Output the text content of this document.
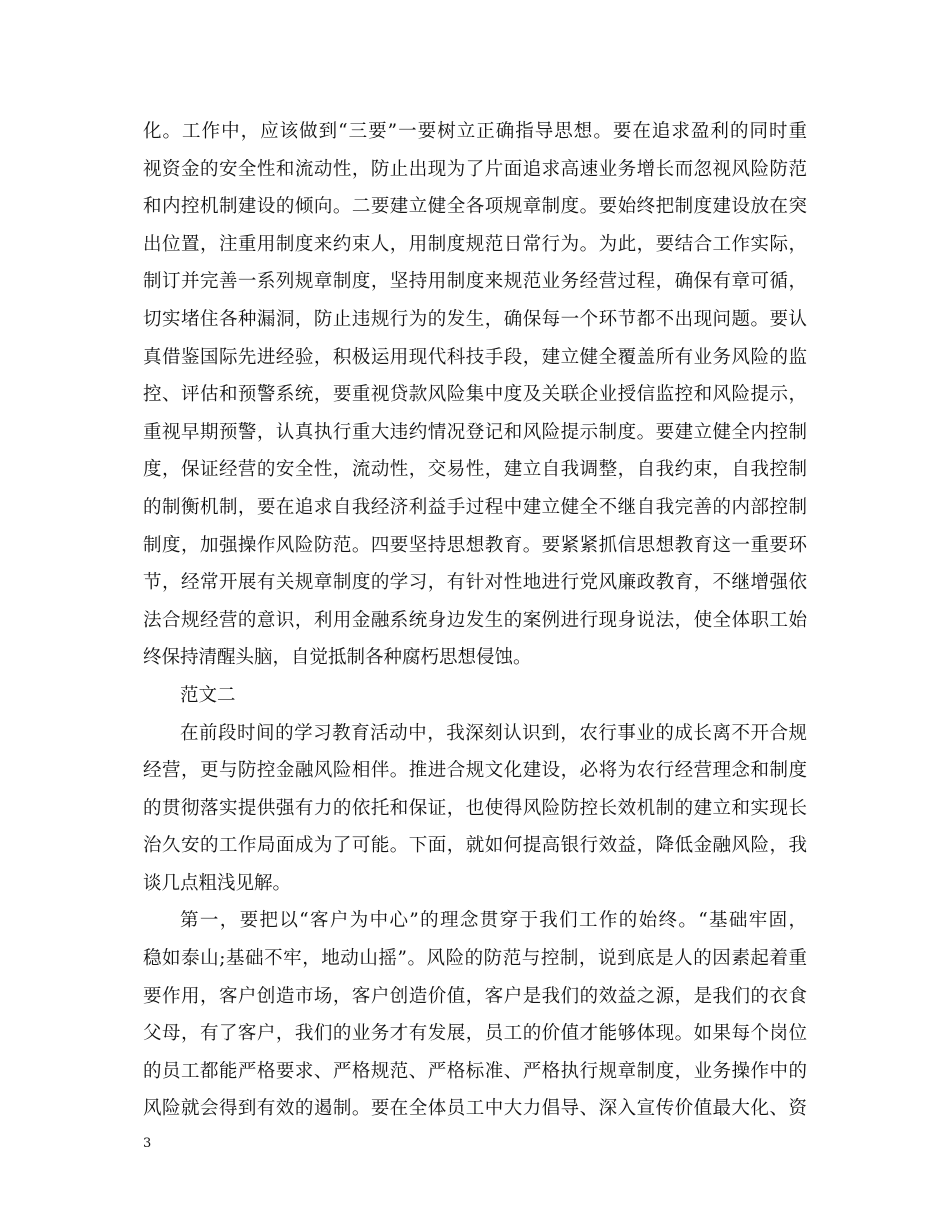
化。工作中，应该做到“三要”一要树立正确指导思想。要在追求盈利的同时重
视资金的安全性和流动性，防止出现为了片面追求高速业务增长而忽视风险防范
和内控机制建设的倾向。二要建立健全各项规章制度。要始终把制度建设放在突
出位置，注重用制度来约束人，用制度规范日常行为。为此，要结合工作实际，
制订并完善一系列规章制度，坚持用制度来规范业务经营过程，确保有章可循，
切实堵住各种漏洞，防止违规行为的发生，确保每一个环节都不出现问题。要认
真借鉴国际先进经验，积极运用现代科技手段，建立健全覆盖所有业务风险的监
控、评估和预警系统，要重视贷款风险集中度及关联企业授信监控和风险提示，
重视早期预警，认真执行重大违约情况登记和风险提示制度。要建立健全内控制
度，保证经营的安全性，流动性，交易性，建立自我调整，自我约束，自我控制
的制衡机制，要在追求自我经济利益手过程中建立健全不继自我完善的内部控制
制度，加强操作风险防范。四要坚持思想教育。要紧紧抓信思想教育这一重要环
节，经常开展有关规章制度的学习，有针对性地进行党风廉政教育，不继增强依
法合规经营的意识，利用金融系统身边发生的案例进行现身说法，使全体职工始
终保持清醒头脑，自觉抵制各种腐朽思想侵蚀。
范文二
在前段时间的学习教育活动中，我深刻认识到，农行事业的成长离不开合规
经营，更与防控金融风险相伴。推进合规文化建设，必将为农行经营理念和制度
的贯彻落实提供强有力的依托和保证，也使得风险防控长效机制的建立和实现长
治久安的工作局面成为了可能。下面，就如何提高银行效益，降低金融风险，我
谈几点粗浅见解。
第一，要把以“客户为中心”的理念贯穿于我们工作的始终。“基础牢固，
稳如泰山;基础不牢，地动山摇”。风险的防范与控制，说到底是人的因素起着重
要作用，客户创造市场，客户创造价值，客户是我们的效益之源，是我们的衣食
父母，有了客户，我们的业务才有发展，员工的价值才能够体现。如果每个岗位
的员工都能严格要求、严格规范、严格标准、严格执行规章制度，业务操作中的
风险就会得到有效的遏制。要在全体员工中大力倡导、深入宣传价值最大化、资
3
